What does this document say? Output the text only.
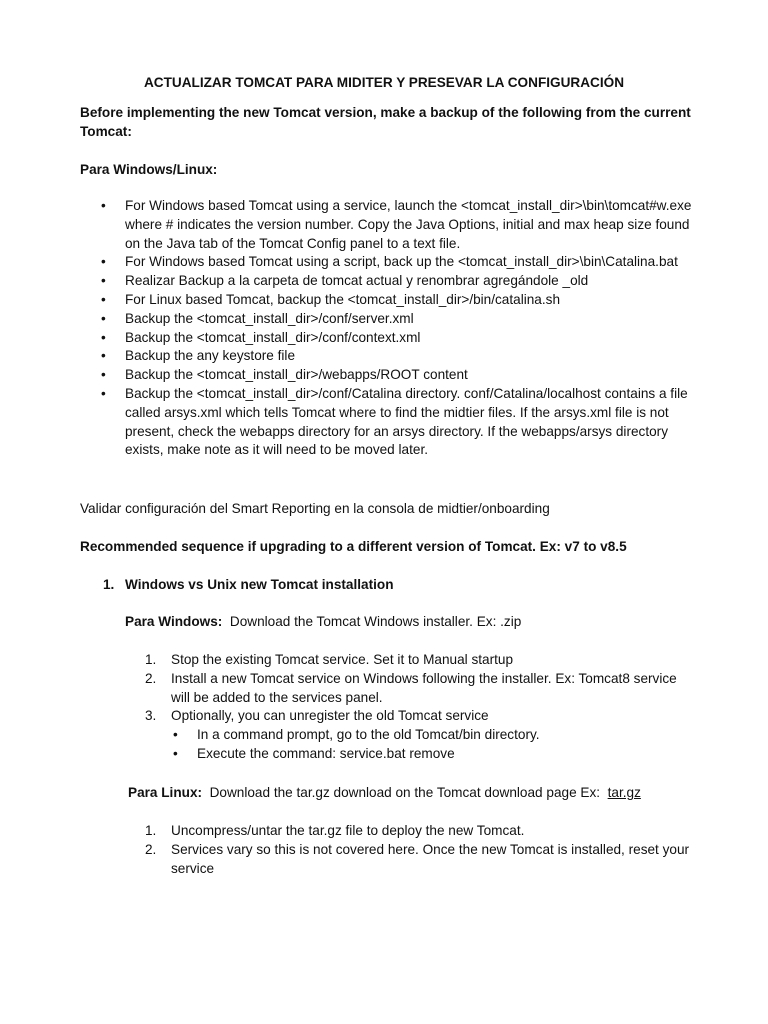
ACTUALIZAR TOMCAT PARA MIDITER Y PRESEVAR LA CONFIGURACIÓN
Before implementing the new Tomcat version, make a backup of the following from the current Tomcat:
Para Windows/Linux:
• For Windows based Tomcat using a service, launch the <tomcat_install_dir>\bin\tomcat#w.exe where # indicates the version number. Copy the Java Options, initial and max heap size found on the Java tab of the Tomcat Config panel to a text file.
• For Windows based Tomcat using a script, back up the <tomcat_install_dir>\bin\Catalina.bat
• Realizar Backup a la carpeta de tomcat actual y renombrar agregándole _old
• For Linux based Tomcat, backup the <tomcat_install_dir>/bin/catalina.sh
• Backup the <tomcat_install_dir>/conf/server.xml
• Backup the <tomcat_install_dir>/conf/context.xml
• Backup the any keystore file
• Backup the <tomcat_install_dir>/webapps/ROOT content
• Backup the <tomcat_install_dir>/conf/Catalina directory. conf/Catalina/localhost contains a file called arsys.xml which tells Tomcat where to find the midtier files. If the arsys.xml file is not present, check the webapps directory for an arsys directory. If the webapps/arsys directory exists, make note as it will need to be moved later.
Validar configuración del Smart Reporting en la consola de midtier/onboarding
Recommended sequence if upgrading to a different version of Tomcat. Ex: v7 to v8.5
1. Windows vs Unix new Tomcat installation
Para Windows: Download the Tomcat Windows installer. Ex: .zip
1. Stop the existing Tomcat service. Set it to Manual startup
2. Install a new Tomcat service on Windows following the installer. Ex: Tomcat8 service will be added to the services panel.
3. Optionally, you can unregister the old Tomcat service
• In a command prompt, go to the old Tomcat/bin directory.
• Execute the command: service.bat remove
Para Linux: Download the tar.gz download on the Tomcat download page Ex: tar.gz
1. Uncompress/untar the tar.gz file to deploy the new Tomcat.
2. Services vary so this is not covered here. Once the new Tomcat is installed, reset your service
